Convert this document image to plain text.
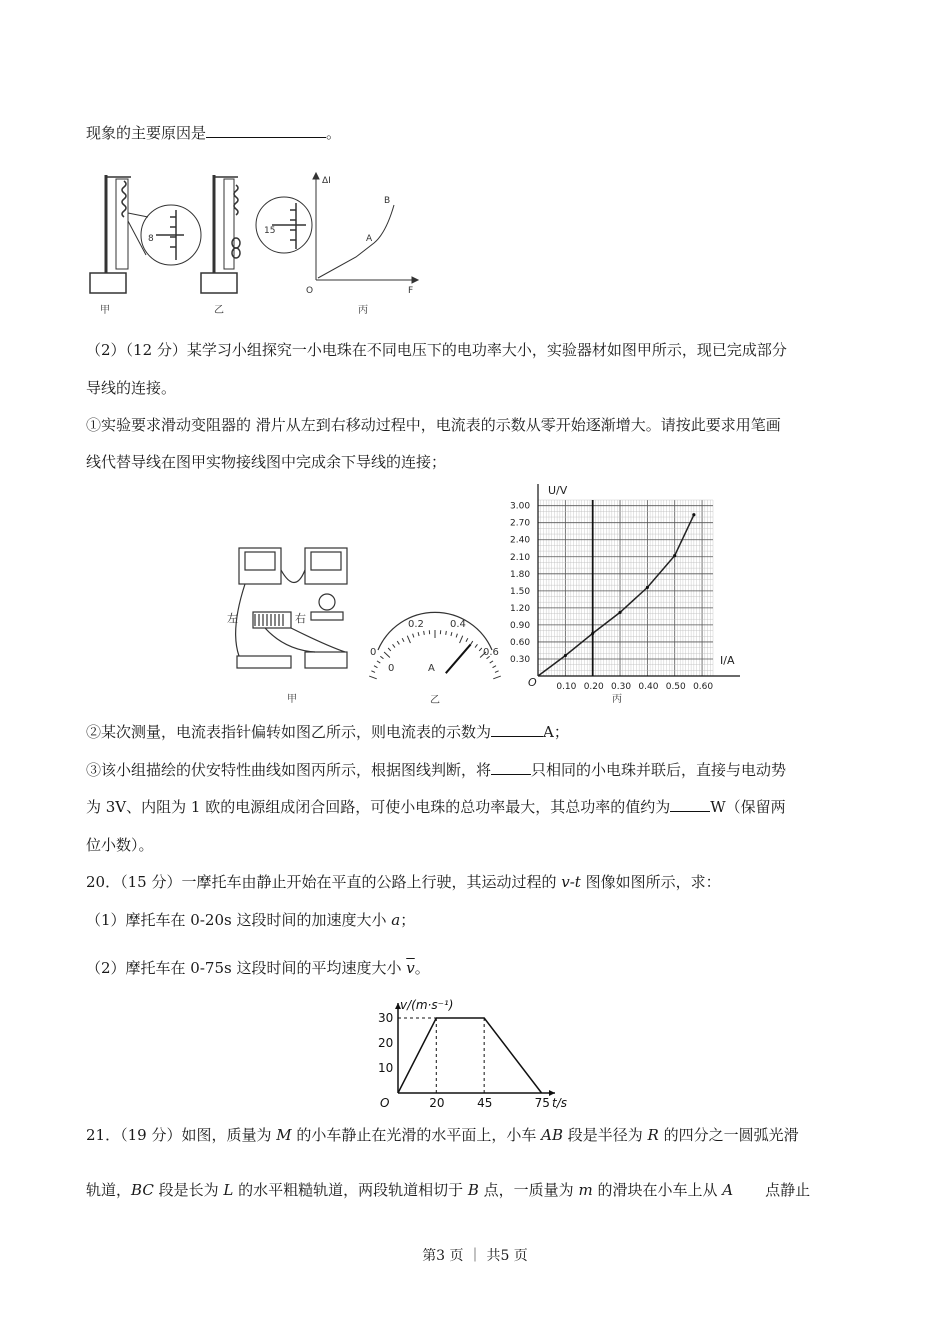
现象的主要原因是	。
8
甲
15
乙
ΔI
F
O
A
B
丙
（2）（12 分）某学习小组探究一小电珠在不同电压下的电功率大小，实验器材如图甲所示，现已完成部分
导线的连接。
①实验要求滑动变阻器的 滑片从左到右移动过程中，电流表的示数从零开始逐渐增大。请按此要求用笔画
线代替导线在图甲实物接线图中完成余下导线的连接；
左	右
甲
0
0.2	0.4
0.6
0	A
乙
0.10 0.20 0.30 0.40 0.50 0.60
0.30
0.60
0.90
1.20
1.50
1.80
2.10
2.40
2.70
3.00
U/V
I/A
O
丙
②某次测量，电流表指针偏转如图乙所示，则电流表的示数为	A；
③该小组描绘的伏安特性曲线如图丙所示，根据图线判断，将	只相同的小电珠并联后，直接与电动势
为 3V、内阻为 1 欧的电源组成闭合回路，可使小电珠的总功率最大，其总功率的值约为	W（保留两
位小数）。
20．（15 分）一摩托车由静止开始在平直的公路上行驶，其运动过程的 v-t 图像如图所示，求：
（1）摩托车在 0-20s 这段时间的加速度大小 a；
（2）摩托车在 0-75s 这段时间的平均速度大小 $\overline{v}$。
20	45	75
10
20
30
v/(m·s⁻¹)
t/s
O
21．（19 分）如图，质量为 M 的小车静止在光滑的水平面上，小车 AB 段是半径为 R 的四分之一圆弧光滑
轨道，BC 段是长为 L 的水平粗糙轨道，两段轨道相切于 B 点，一质量为 m 的滑块在小车上从 A 点静止
第3 页 ｜ 共5 页
